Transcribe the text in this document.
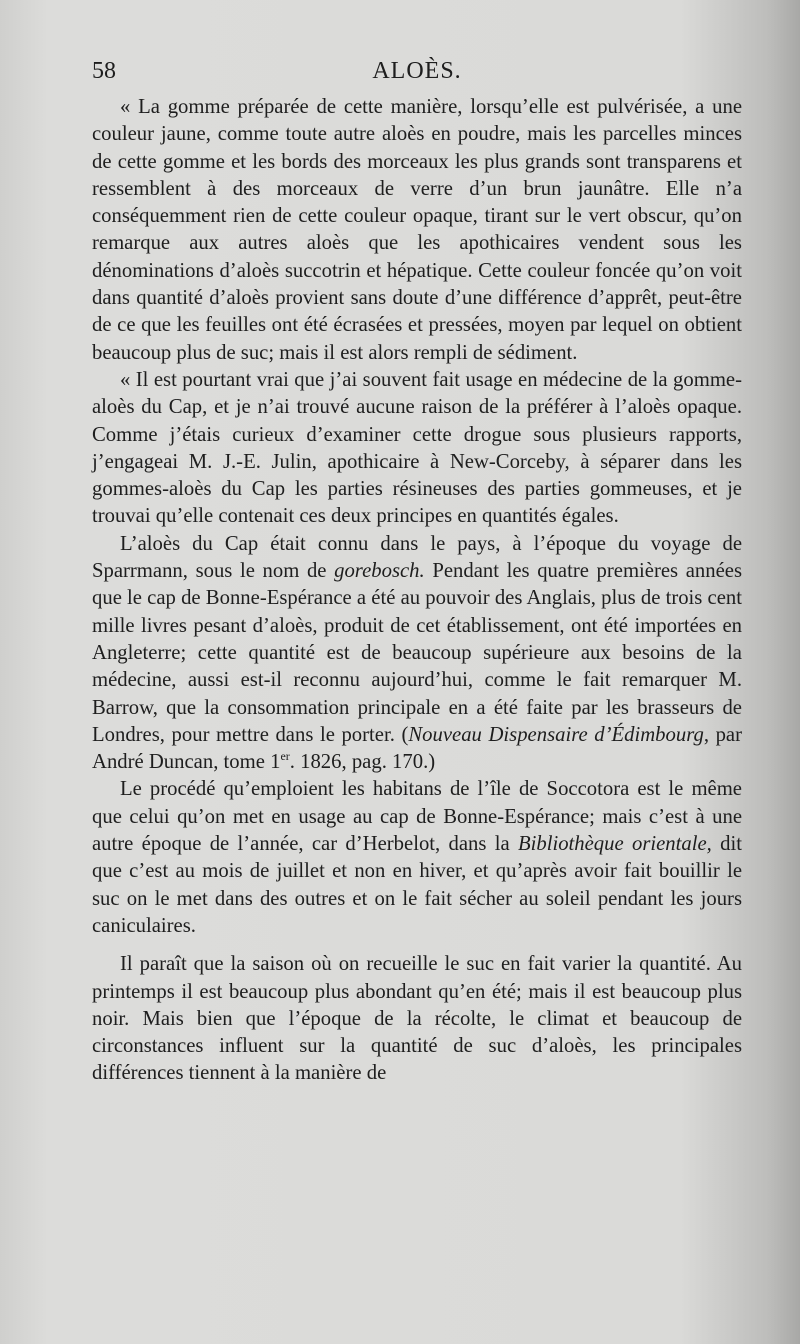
58	ALOÈS.

« La gomme préparée de cette manière, lorsqu’elle est pulvérisée, a une couleur jaune, comme toute autre aloès en poudre, mais les parcelles minces de cette gomme et les bords des morceaux les plus grands sont transparens et ressemblent à des morceaux de verre d’un brun jaunâtre. Elle n’a conséquemment rien de cette couleur opaque, tirant sur le vert obscur, qu’on remarque aux autres aloès que les apothicaires vendent sous les dénominations d’aloès succotrin et hépatique. Cette couleur foncée qu’on voit dans quantité d’aloès provient sans doute d’une différence d’apprêt, peut-être de ce que les feuilles ont été écrasées et pressées, moyen par lequel on obtient beaucoup plus de suc; mais il est alors rempli de sédiment.

« Il est pourtant vrai que j’ai souvent fait usage en médecine de la gomme-aloès du Cap, et je n’ai trouvé aucune raison de la préférer à l’aloès opaque. Comme j’étais curieux d’examiner cette drogue sous plusieurs rapports, j’engageai M. J.-E. Julin, apothicaire à New-Corceby, à séparer dans les gommes-aloès du Cap les parties résineuses des parties gommeuses, et je trouvai qu’elle contenait ces deux principes en quantités égales.

L’aloès du Cap était connu dans le pays, à l’époque du voyage de Sparrmann, sous le nom de gorebosch. Pendant les quatre premières années que le cap de Bonne-Espérance a été au pouvoir des Anglais, plus de trois cent mille livres pesant d’aloès, produit de cet établissement, ont été importées en Angleterre; cette quantité est de beaucoup supérieure aux besoins de la médecine, aussi est-il reconnu aujourd’hui, comme le fait remarquer M. Barrow, que la consommation principale en a été faite par les brasseurs de Londres, pour mettre dans le porter. (Nouveau Dispensaire d’Édimbourg, par André Duncan, tome 1er. 1826, pag. 170.)

Le procédé qu’emploient les habitans de l’île de Soccotora est le même que celui qu’on met en usage au cap de Bonne-Espérance; mais c’est à une autre époque de l’année, car d’Herbelot, dans la Bibliothèque orientale, dit que c’est au mois de juillet et non en hiver, et qu’après avoir fait bouillir le suc on le met dans des outres et on le fait sécher au soleil pendant les jours caniculaires.

Il paraît que la saison où on recueille le suc en fait varier la quantité. Au printemps il est beaucoup plus abondant qu’en été; mais il est beaucoup plus noir. Mais bien que l’époque de la récolte, le climat et beaucoup de circonstances influent sur la quantité de suc d’aloès, les principales différences tiennent à la manière de
